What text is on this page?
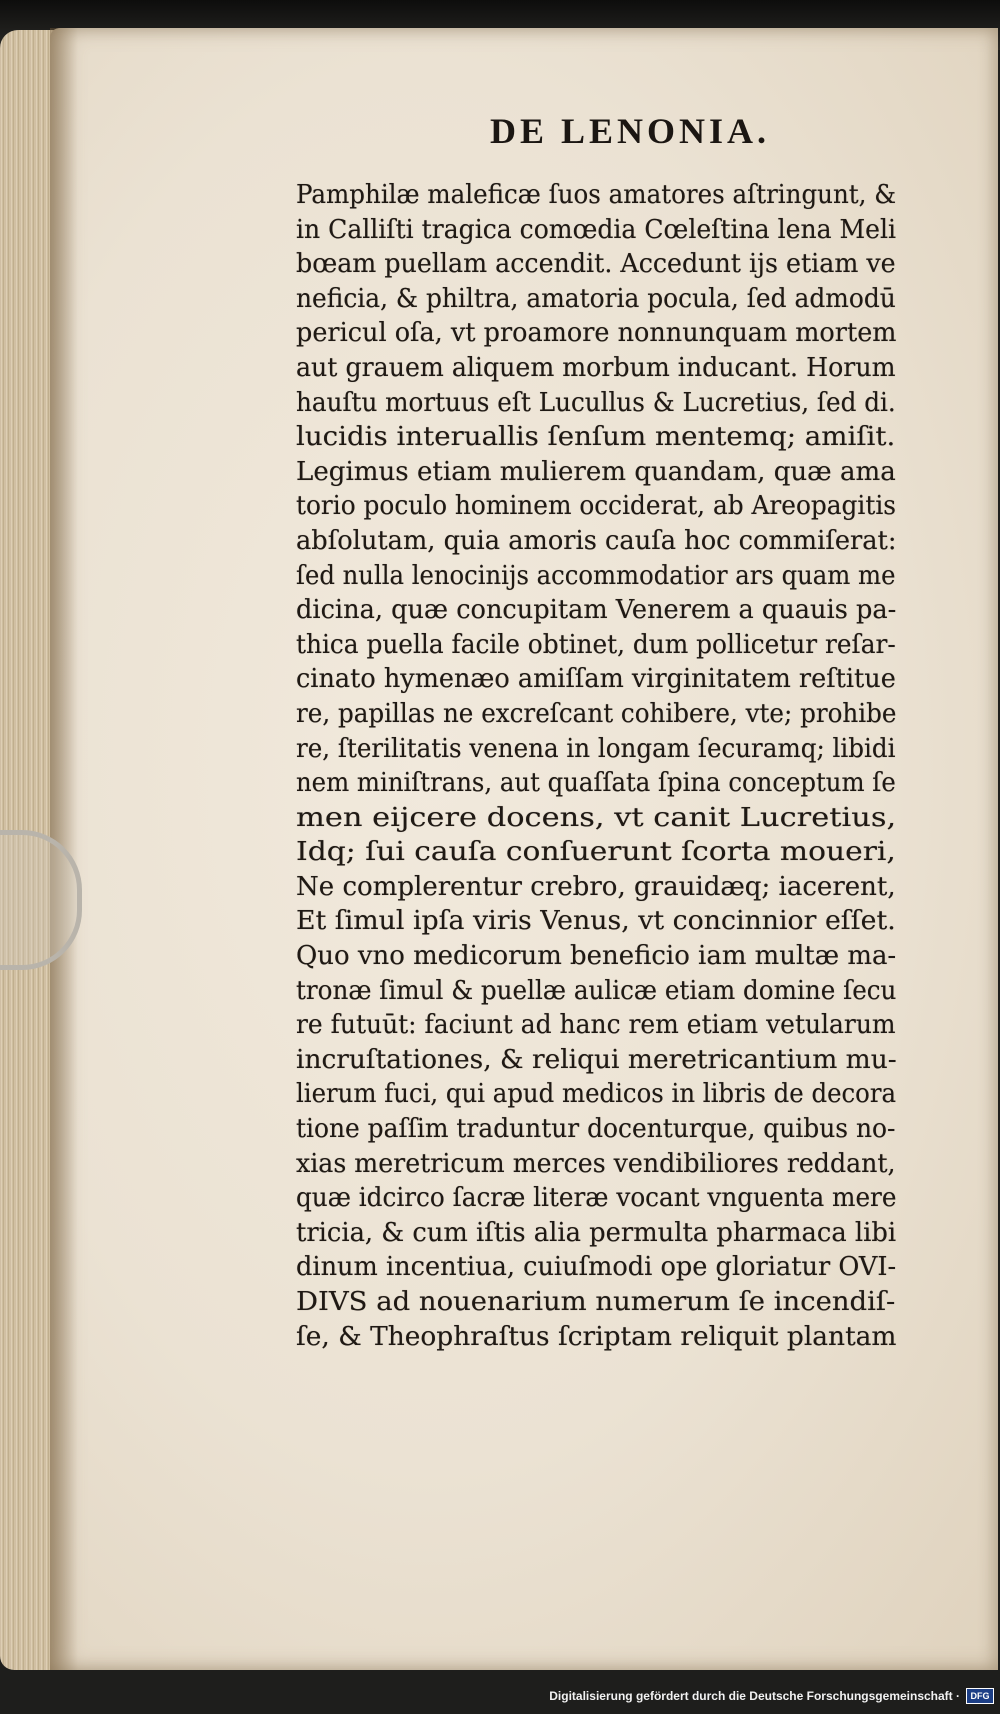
DE LENONIA.
Pamphilæ maleficæ ſuos amatores aſtringunt, &
in Calliſti tragica comœdia Cœleſtina lena Meli
bœam puellam accendit. Accedunt ijs etiam ve
neficia, & philtra, amatoria pocula, ſed admodū
pericul oſa, vt proamore nonnunquam mortem
aut grauem aliquem morbum inducant. Horum
hauſtu mortuus eſt Lucullus & Lucretius, ſed di.
lucidis interuallis ſenſum mentemq; amiſit.
Legimus etiam mulierem quandam, quæ ama
torio poculo hominem occiderat, ab Areopagitis
abſolutam, quia amoris cauſa hoc commiſerat:
ſed nulla lenocinijs accommodatior ars quam me
dicina, quæ concupitam Venerem a quauis pa-
thica puella facile obtinet, dum pollicetur reſar-
cinato hymenæo amiſſam virginitatem reſtitue
re, papillas ne excreſcant cohibere, vte; prohibe
re, ſterilitatis venena in longam ſecuramq; libidi
nem miniſtrans, aut quaſſata ſpina conceptum ſe
men eijcere docens, vt canit Lucretius,
Idq; ſui cauſa conſuerunt ſcorta moueri,
Ne complerentur crebro, grauidæq; iacerent,
Et ſimul ipſa viris Venus, vt concinnior eſſet.
Quo vno medicorum beneficio iam multæ ma-
tronæ ſimul & puellæ aulicæ etiam domine ſecu
re futuūt: faciunt ad hanc rem etiam vetularum
incruſtationes, & reliqui meretricantium mu-
lierum fuci, qui apud medicos in libris de decora
tione paſſim traduntur docenturque, quibus no-
xias meretricum merces vendibiliores reddant,
quæ idcirco ſacræ literæ vocant vnguenta mere
tricia, & cum iſtis alia permulta pharmaca libi
dinum incentiua, cuiuſmodi ope gloriatur OVI-
DIVS ad nouenarium numerum ſe incendiſ-
ſe, & Theophraſtus ſcriptam reliquit plantam
Digitalisierung gefördert durch die Deutsche Forschungsgemeinschaft ·	DFG
